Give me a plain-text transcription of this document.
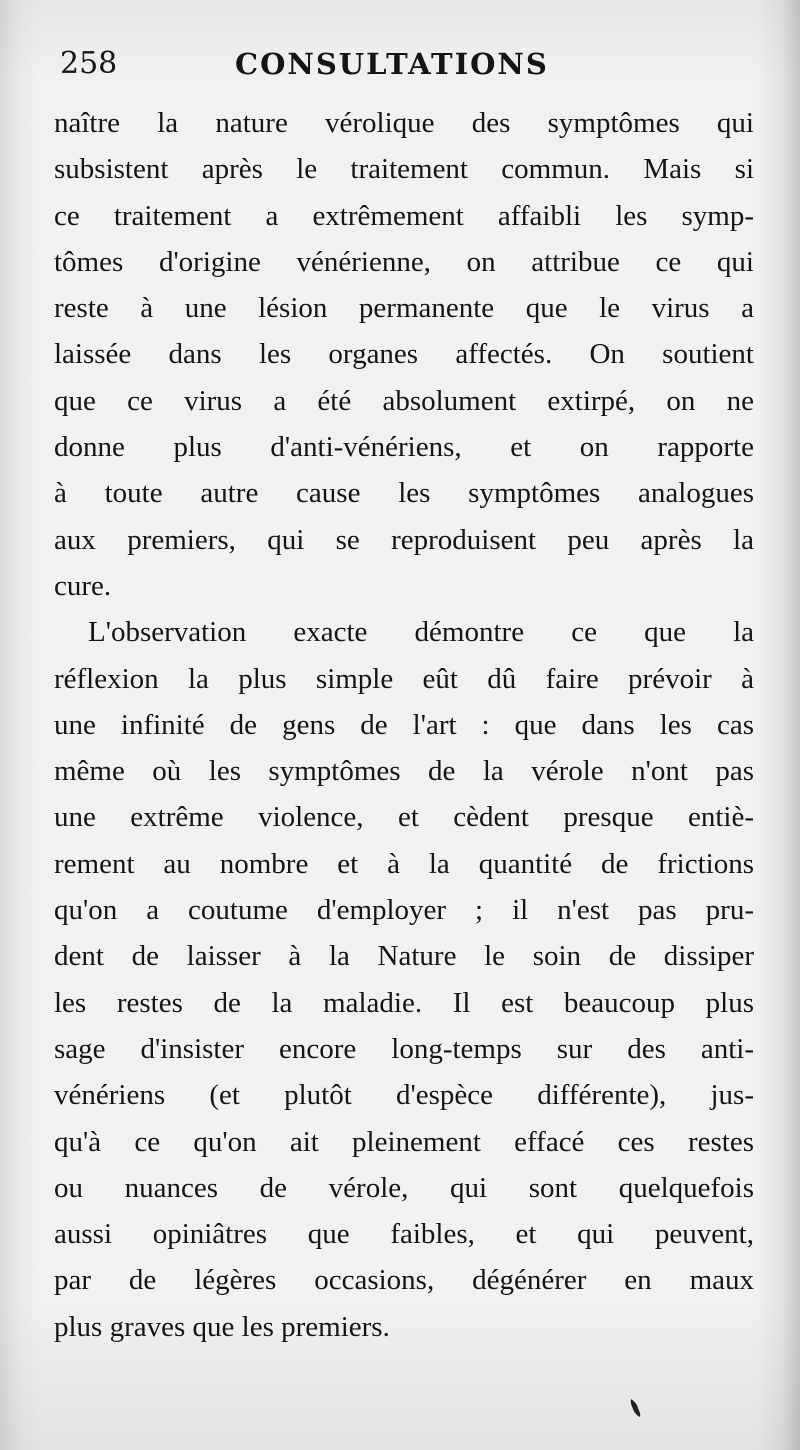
258	CONSULTATIONS
naître la nature vérolique des symptômes qui
subsistent après le traitement commun. Mais si
ce traitement a extrêmement affaibli les symp-
tômes d'origine vénérienne, on attribue ce qui
reste à une lésion permanente que le virus a
laissée dans les organes affectés. On soutient
que ce virus a été absolument extirpé, on ne
donne plus d'anti-vénériens, et on rapporte
à toute autre cause les symptômes analogues
aux premiers, qui se reproduisent peu après la
cure.
L'observation exacte démontre ce que la
réflexion la plus simple eût dû faire prévoir à
une infinité de gens de l'art : que dans les cas
même où les symptômes de la vérole n'ont pas
une extrême violence, et cèdent presque entiè-
rement au nombre et à la quantité de frictions
qu'on a coutume d'employer ; il n'est pas pru-
dent de laisser à la Nature le soin de dissiper
les restes de la maladie. Il est beaucoup plus
sage d'insister encore long-temps sur des anti-
vénériens (et plutôt d'espèce différente), jus-
qu'à ce qu'on ait pleinement effacé ces restes
ou nuances de vérole, qui sont quelquefois
aussi opiniâtres que faibles, et qui peuvent,
par de légères occasions, dégénérer en maux
plus graves que les premiers.
